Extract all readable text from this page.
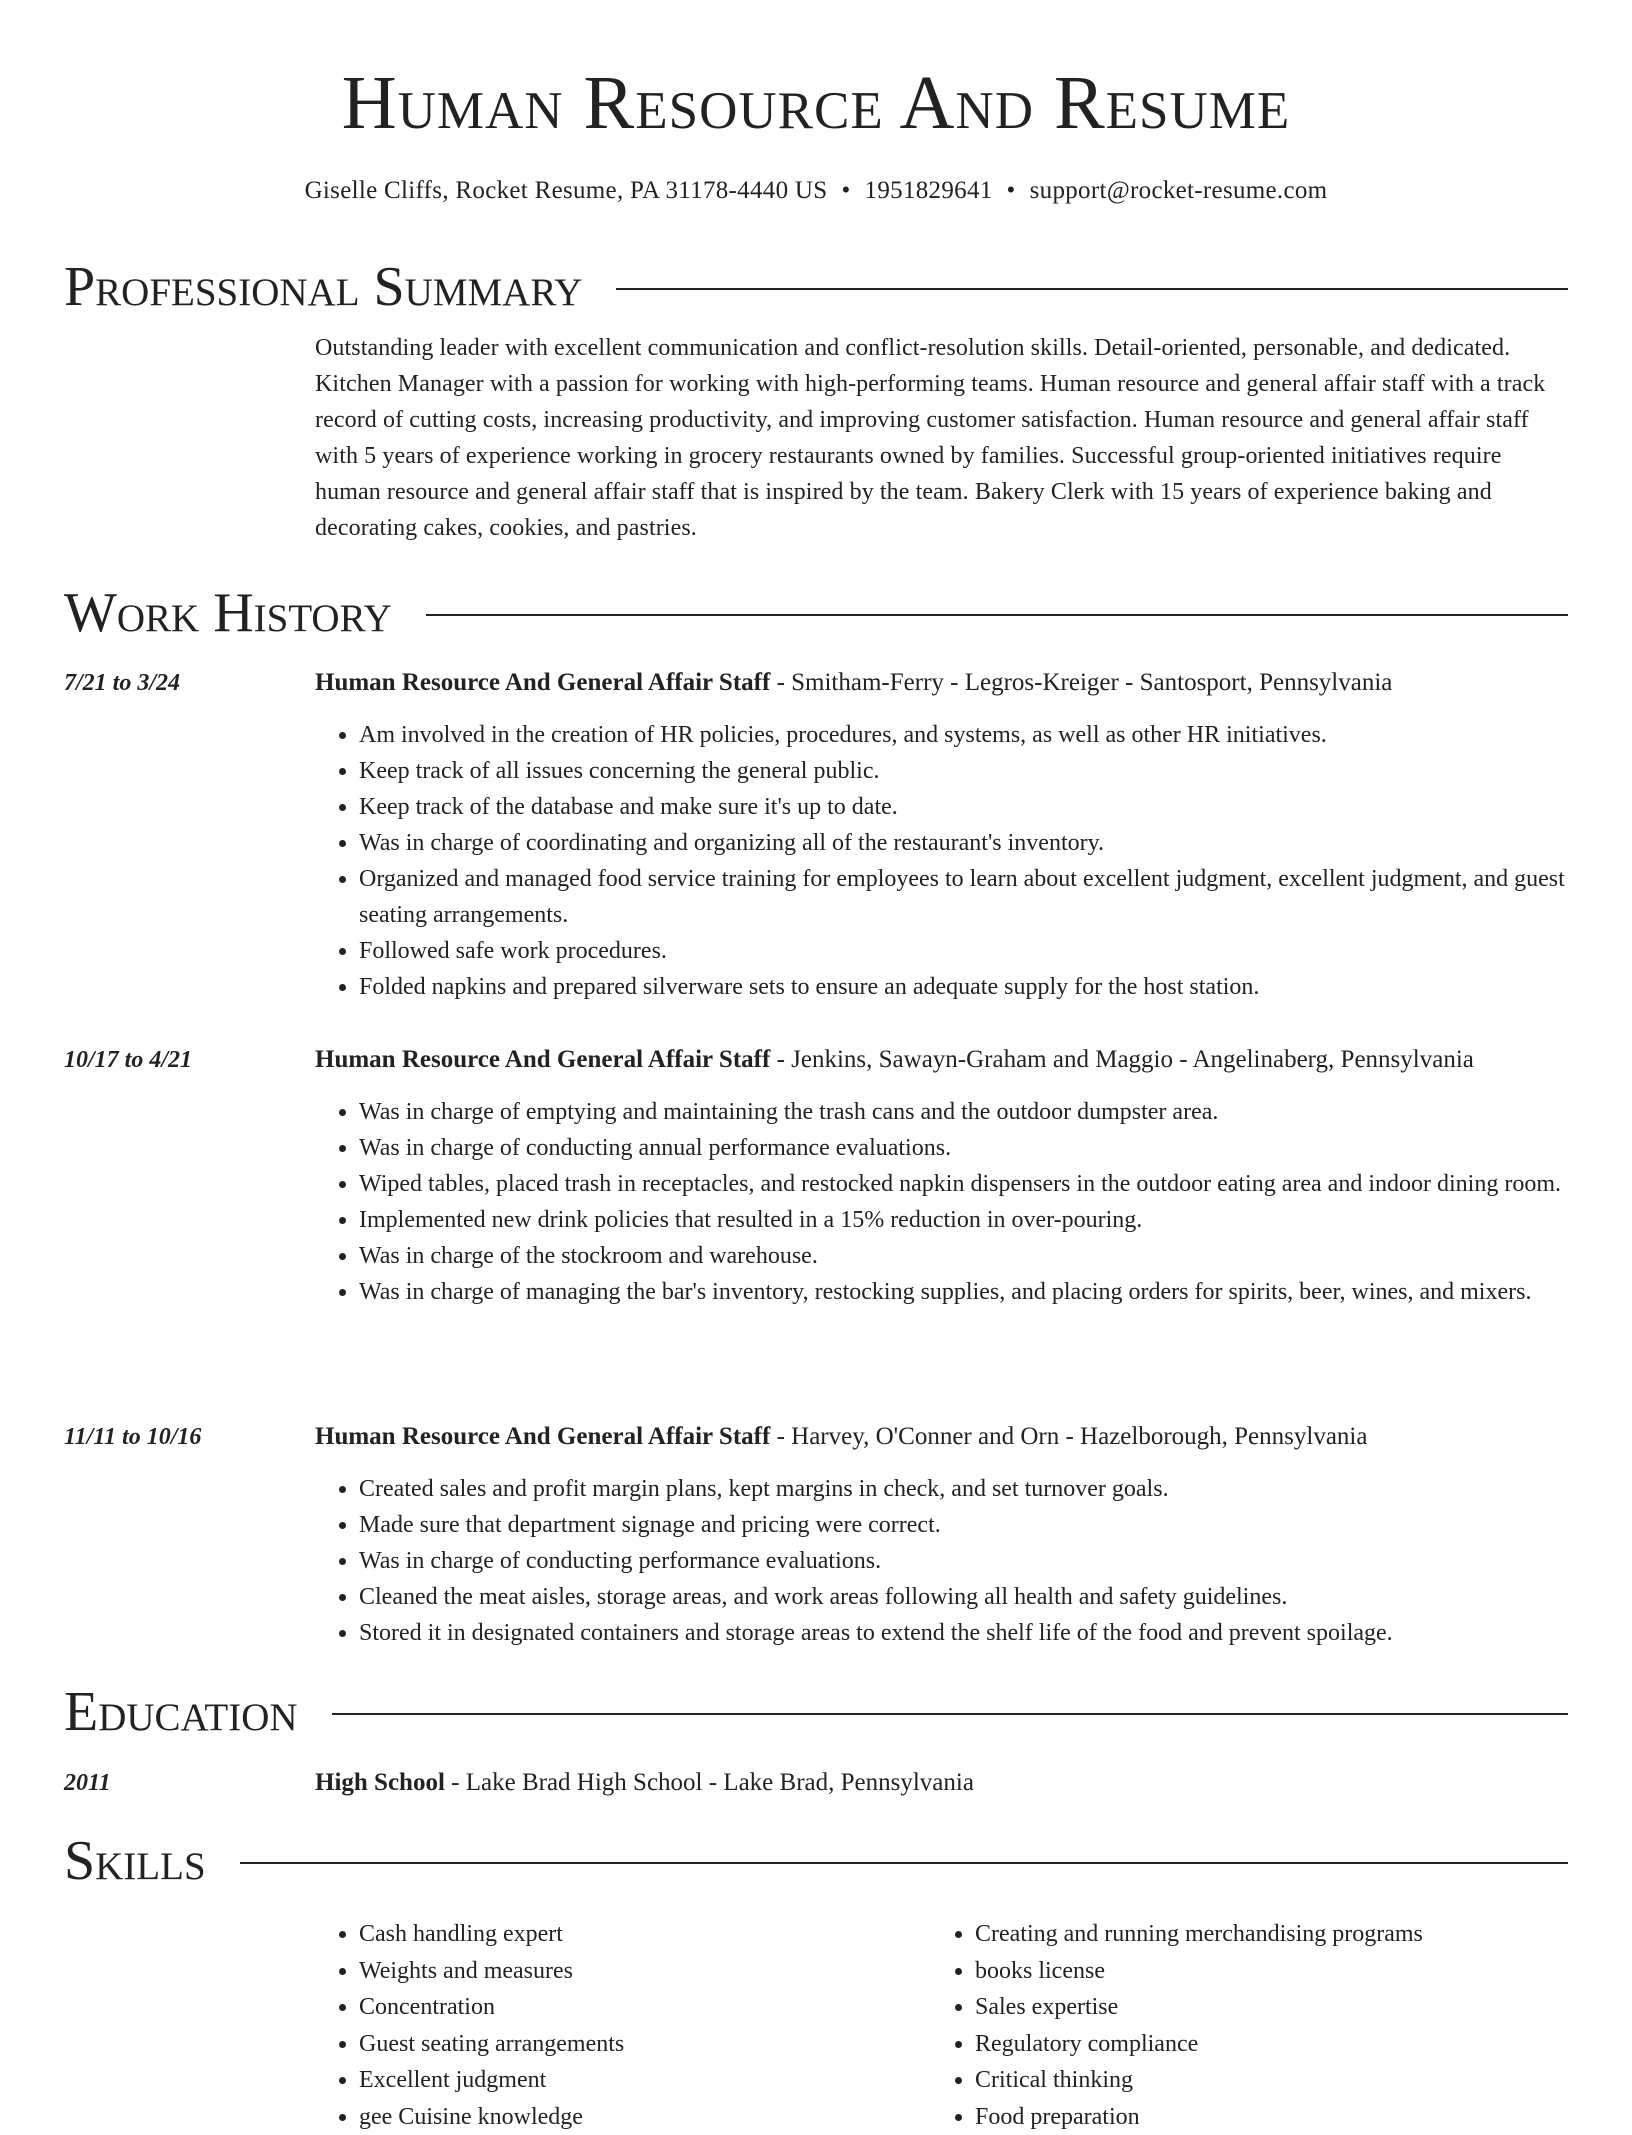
Human Resource And Resume
Giselle Cliffs, Rocket Resume, PA 31178-4440 US • 1951829641 • support@rocket-resume.com
Professional Summary
Outstanding leader with excellent communication and conflict-resolution skills. Detail-oriented, personable, and dedicated. Kitchen Manager with a passion for working with high-performing teams. Human resource and general affair staff with a track record of cutting costs, increasing productivity, and improving customer satisfaction. Human resource and general affair staff with 5 years of experience working in grocery restaurants owned by families. Successful group-oriented initiatives require human resource and general affair staff that is inspired by the team. Bakery Clerk with 15 years of experience baking and decorating cakes, cookies, and pastries.
Work History
7/21 to 3/24	Human Resource And General Affair Staff - Smitham-Ferry - Legros-Kreiger - Santosport, Pennsylvania
• Am involved in the creation of HR policies, procedures, and systems, as well as other HR initiatives.
• Keep track of all issues concerning the general public.
• Keep track of the database and make sure it's up to date.
• Was in charge of coordinating and organizing all of the restaurant's inventory.
• Organized and managed food service training for employees to learn about excellent judgment, excellent judgment, and guest seating arrangements.
• Followed safe work procedures.
• Folded napkins and prepared silverware sets to ensure an adequate supply for the host station.
10/17 to 4/21	Human Resource And General Affair Staff - Jenkins, Sawayn-Graham and Maggio - Angelinaberg, Pennsylvania
• Was in charge of emptying and maintaining the trash cans and the outdoor dumpster area.
• Was in charge of conducting annual performance evaluations.
• Wiped tables, placed trash in receptacles, and restocked napkin dispensers in the outdoor eating area and indoor dining room.
• Implemented new drink policies that resulted in a 15% reduction in over-pouring.
• Was in charge of the stockroom and warehouse.
• Was in charge of managing the bar's inventory, restocking supplies, and placing orders for spirits, beer, wines, and mixers.
11/11 to 10/16	Human Resource And General Affair Staff - Harvey, O'Conner and Orn - Hazelborough, Pennsylvania
• Created sales and profit margin plans, kept margins in check, and set turnover goals.
• Made sure that department signage and pricing were correct.
• Was in charge of conducting performance evaluations.
• Cleaned the meat aisles, storage areas, and work areas following all health and safety guidelines.
• Stored it in designated containers and storage areas to extend the shelf life of the food and prevent spoilage.
Education
2011	High School - Lake Brad High School - Lake Brad, Pennsylvania
Skills
• Cash handling expert
• Weights and measures
• Concentration
• Guest seating arrangements
• Excellent judgment
• gee Cuisine knowledge
• Creating and running merchandising programs
• books license
• Sales expertise
• Regulatory compliance
• Critical thinking
• Food preparation
